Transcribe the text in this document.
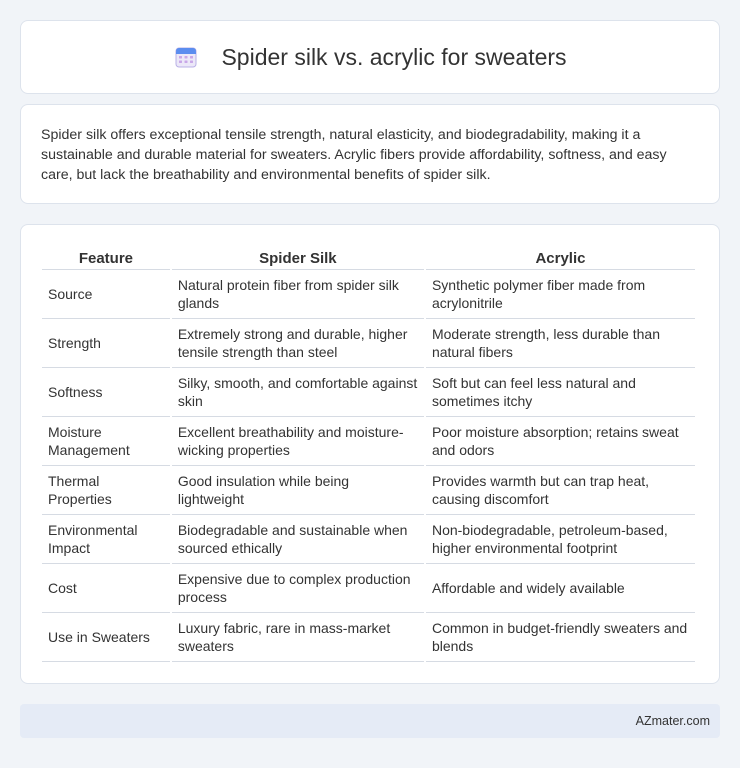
Spider silk vs. acrylic for sweaters

Spider silk offers exceptional tensile strength, natural elasticity, and biodegradability, making it a sustainable and durable material for sweaters. Acrylic fibers provide affordability, softness, and easy care, but lack the breathability and environmental benefits of spider silk.

Feature	Spider Silk	Acrylic
Source	Natural protein fiber from spider silk glands	Synthetic polymer fiber made from acrylonitrile
Strength	Extremely strong and durable, higher tensile strength than steel	Moderate strength, less durable than natural fibers
Softness	Silky, smooth, and comfortable against skin	Soft but can feel less natural and sometimes itchy
Moisture Management	Excellent breathability and moisture-wicking properties	Poor moisture absorption; retains sweat and odors
Thermal Properties	Good insulation while being lightweight	Provides warmth but can trap heat, causing discomfort
Environmental Impact	Biodegradable and sustainable when sourced ethically	Non-biodegradable, petroleum-based, higher environmental footprint
Cost	Expensive due to complex production process	Affordable and widely available
Use in Sweaters	Luxury fabric, rare in mass-market sweaters	Common in budget-friendly sweaters and blends
AZmater.com
